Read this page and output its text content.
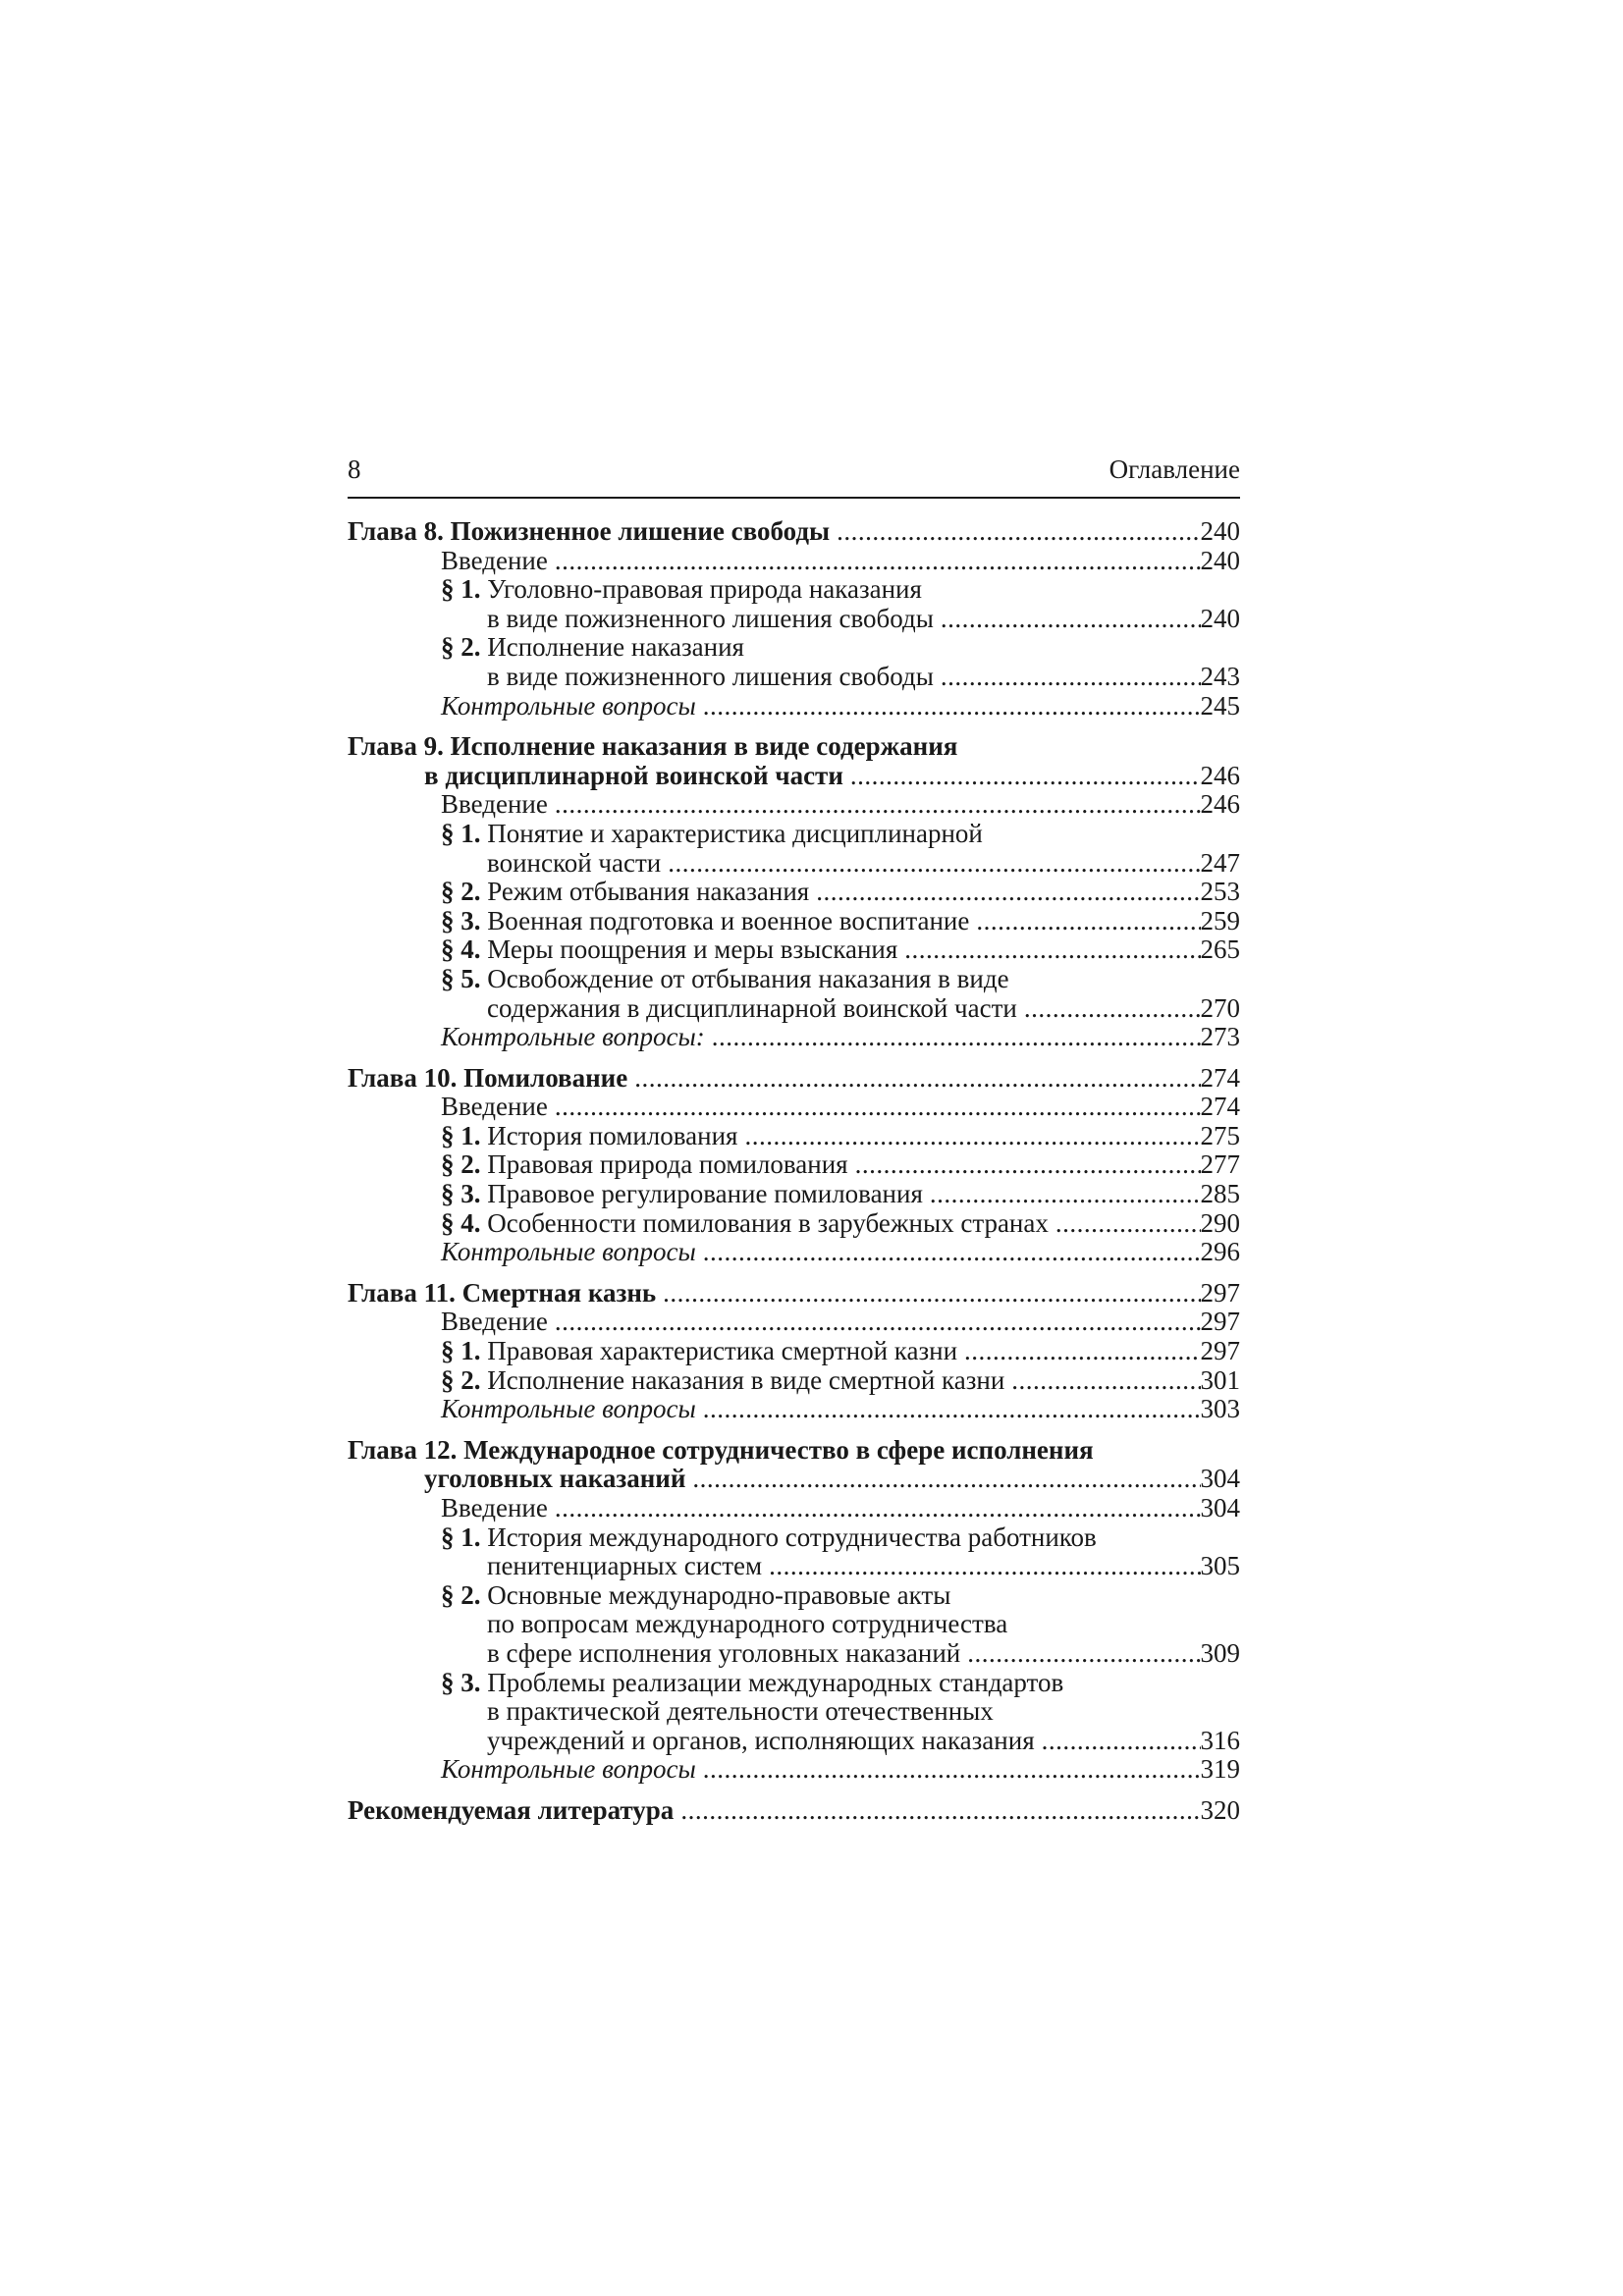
8	Оглавление
Глава 8. Пожизненное лишение свободы .....	240
Введение .....	240
§ 1. Уголовно-правовая природа наказания
в виде пожизненного лишения свободы .....	240
§ 2. Исполнение наказания
в виде пожизненного лишения свободы .....	243
Контрольные вопросы .....	245
Глава 9. Исполнение наказания в виде содержания
в дисциплинарной воинской части .....	246
Введение .....	246
§ 1. Понятие и характеристика дисциплинарной
воинской части .....	247
§ 2. Режим отбывания наказания .....	253
§ 3. Военная подготовка и военное воспитание .....	259
§ 4. Меры поощрения и меры взыскания .....	265
§ 5. Освобождение от отбывания наказания в виде
содержания в дисциплинарной воинской части .....	270
Контрольные вопросы: .....	273
Глава 10. Помилование .....	274
Введение .....	274
§ 1. История помилования .....	275
§ 2. Правовая природа помилования .....	277
§ 3. Правовое регулирование помилования .....	285
§ 4. Особенности помилования в зарубежных странах .....	290
Контрольные вопросы .....	296
Глава 11. Смертная казнь .....	297
Введение .....	297
§ 1. Правовая характеристика смертной казни .....	297
§ 2. Исполнение наказания в виде смертной казни .....	301
Контрольные вопросы .....	303
Глава 12. Международное сотрудничество в сфере исполнения
уголовных наказаний .....	304
Введение .....	304
§ 1. История международного сотрудничества работников
пенитенциарных систем .....	305
§ 2. Основные международно-правовые акты
по вопросам международного сотрудничества
в сфере исполнения уголовных наказаний .....	309
§ 3. Проблемы реализации международных стандартов
в практической деятельности отечественных
учреждений и органов, исполняющих наказания .....	316
Контрольные вопросы .....	319
Рекомендуемая литература .....	320
